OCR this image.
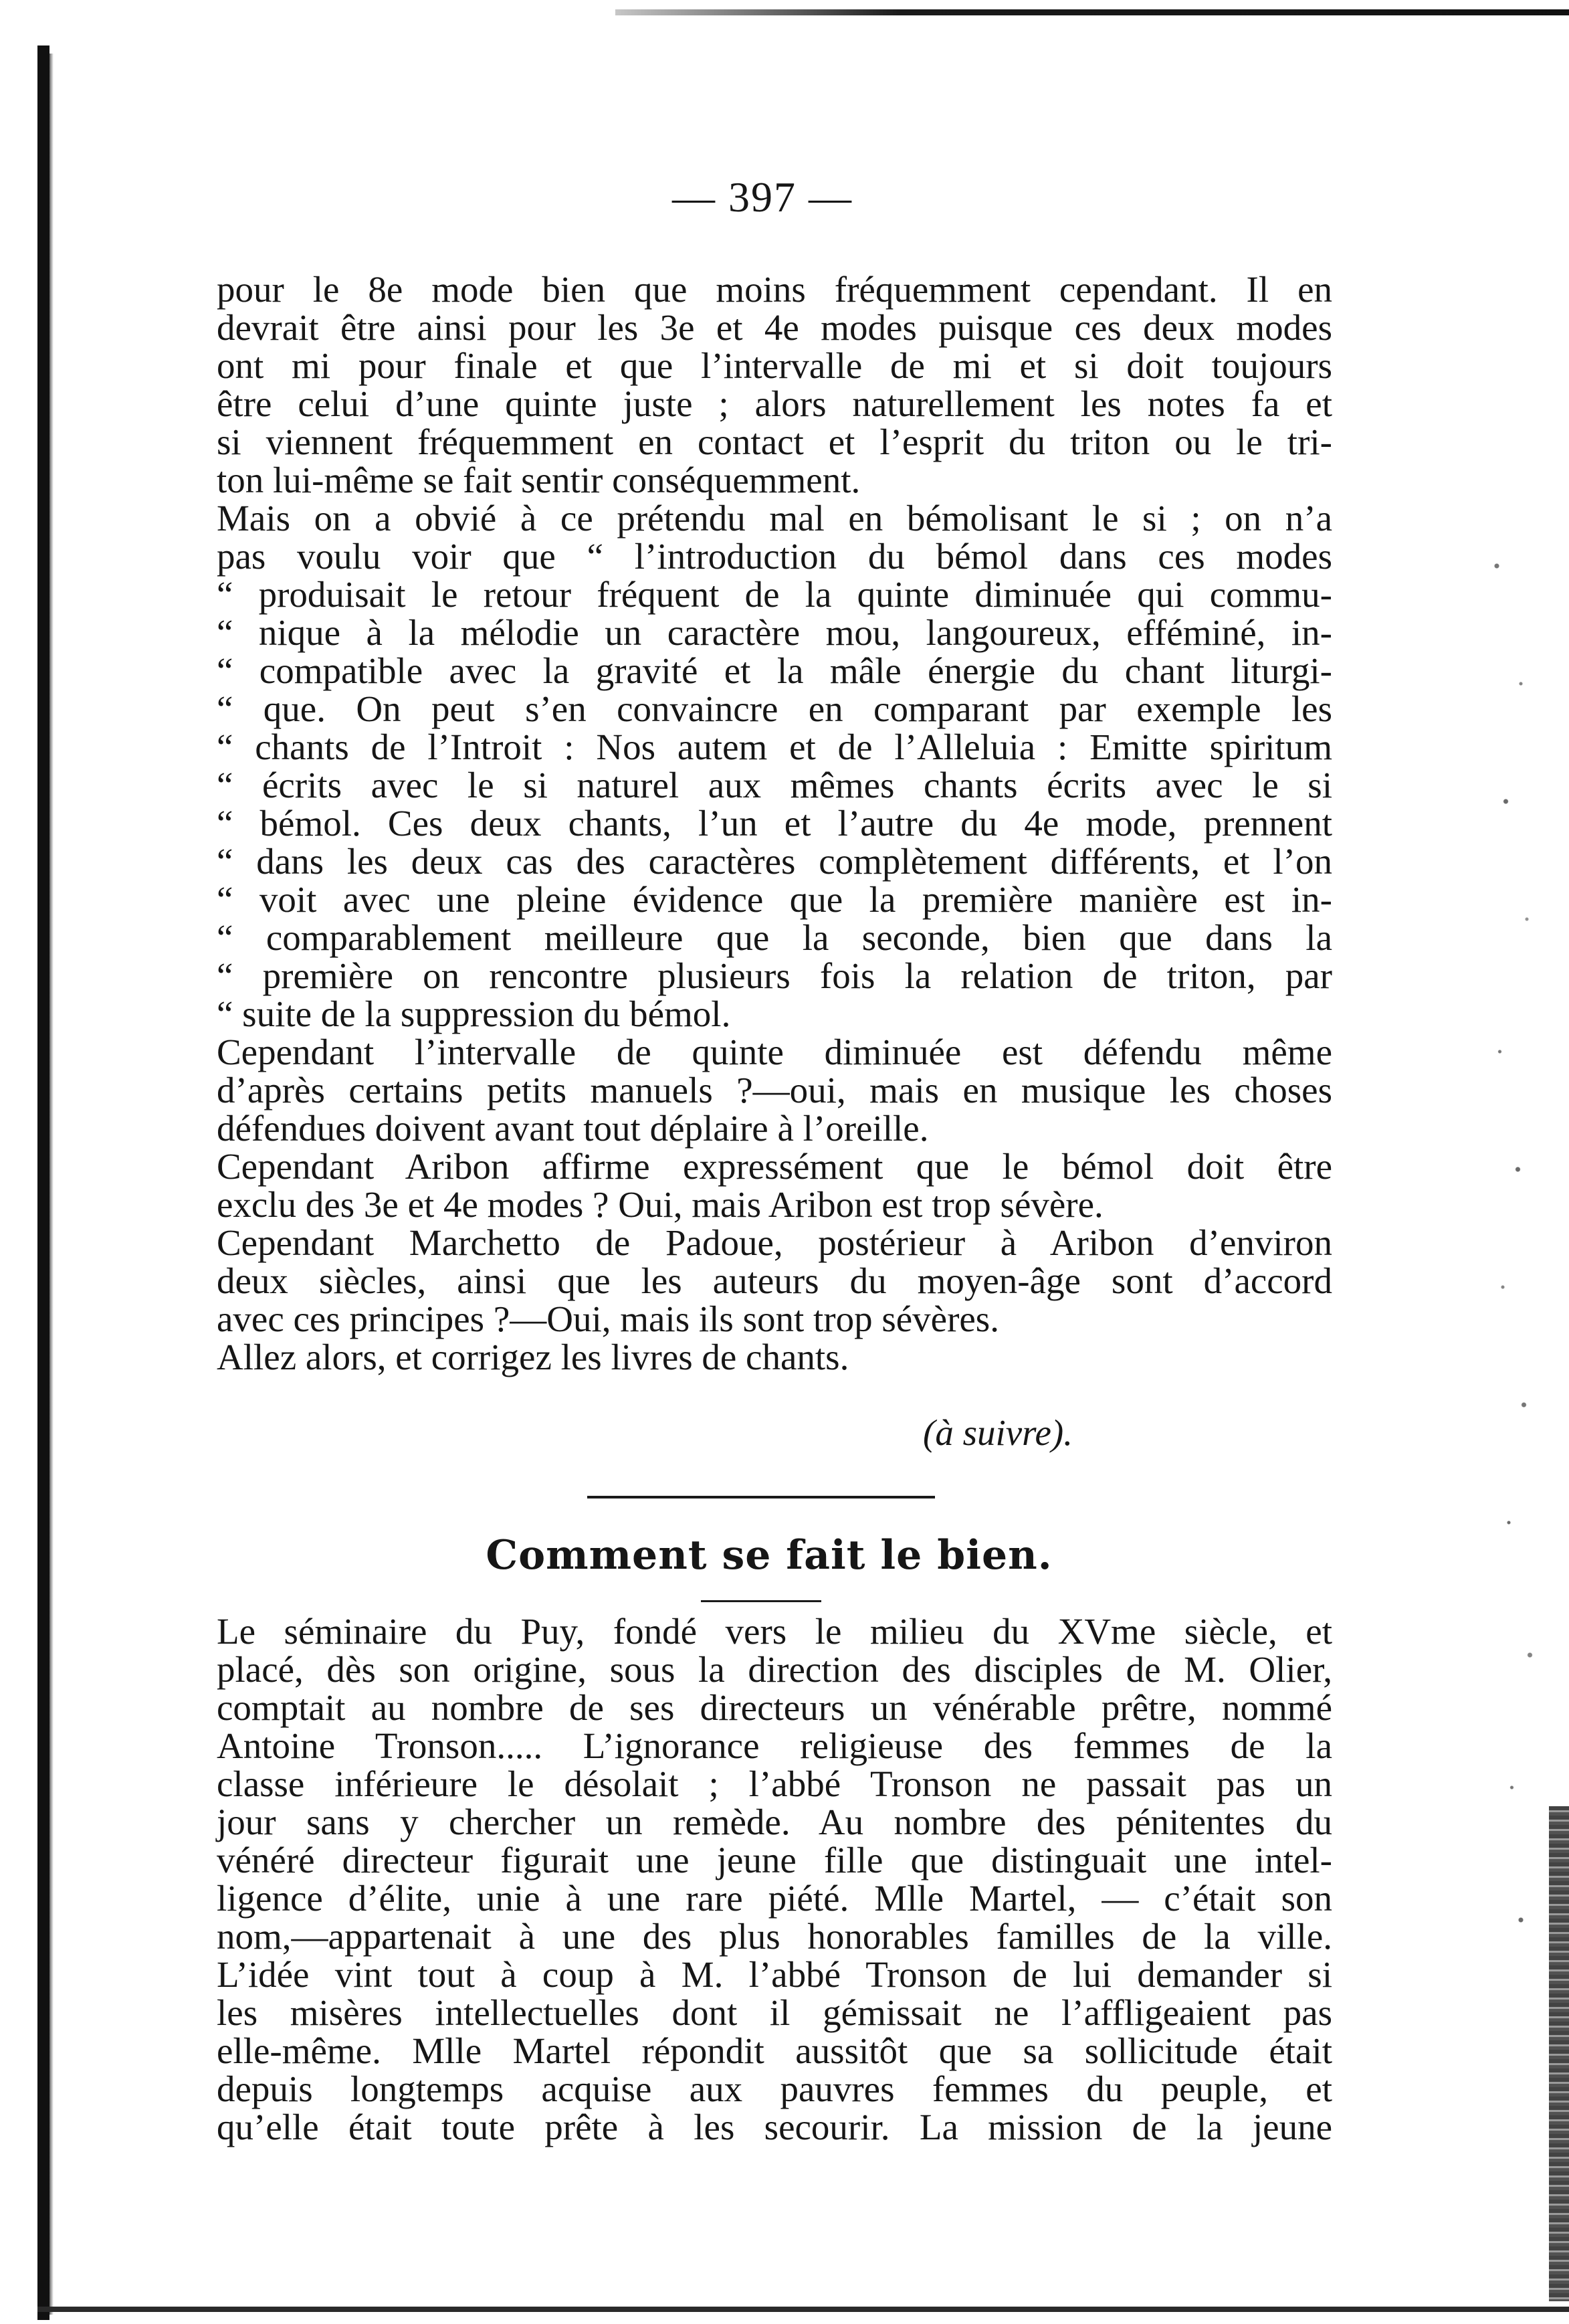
— 397 —
pour le 8e mode bien que moins fréquemment cependant. Il en
devrait être ainsi pour les 3e et 4e modes puisque ces deux modes
ont mi pour finale et que l’intervalle de mi et si doit toujours
être celui d’une quinte juste ; alors naturellement les notes fa et
si viennent fréquemment en contact et l’esprit du triton ou le tri-
ton lui-même se fait sentir conséquemment.
Mais on a obvié à ce prétendu mal en bémolisant le si ; on n’a
pas voulu voir que “ l’introduction du bémol dans ces modes
“ produisait le retour fréquent de la quinte diminuée qui commu-
“ nique à la mélodie un caractère mou, langoureux, efféminé, in-
“ compatible avec la gravité et la mâle énergie du chant liturgi-
“ que. On peut s’en convaincre en comparant par exemple les
“ chants de l’Introit : Nos autem et de l’Alleluia : Emitte spiritum
“ écrits avec le si naturel aux mêmes chants écrits avec le si
“ bémol. Ces deux chants, l’un et l’autre du 4e mode, prennent
“ dans les deux cas des caractères complètement différents, et l’on
“ voit avec une pleine évidence que la première manière est in-
“ comparablement meilleure que la seconde, bien que dans la
“ première on rencontre plusieurs fois la relation de triton, par
“ suite de la suppression du bémol.
Cependant l’intervalle de quinte diminuée est défendu même
d’après certains petits manuels ?—oui, mais en musique les choses
défendues doivent avant tout déplaire à l’oreille.
Cependant Aribon affirme expressément que le bémol doit être
exclu des 3e et 4e modes ? Oui, mais Aribon est trop sévère.
Cependant Marchetto de Padoue, postérieur à Aribon d’environ
deux siècles, ainsi que les auteurs du moyen-âge sont d’accord
avec ces principes ?—Oui, mais ils sont trop sévères.
Allez alors, et corrigez les livres de chants.
(à suivre).
Comment se fait le bien.
Le séminaire du Puy, fondé vers le milieu du XVme siècle, et
placé, dès son origine, sous la direction des disciples de M. Olier,
comptait au nombre de ses directeurs un vénérable prêtre, nommé
Antoine Tronson..... L’ignorance religieuse des femmes de la
classe inférieure le désolait ; l’abbé Tronson ne passait pas un
jour sans y chercher un remède. Au nombre des pénitentes du
vénéré directeur figurait une jeune fille que distinguait une intel-
ligence d’élite, unie à une rare piété. Mlle Martel, — c’était son
nom,—appartenait à une des plus honorables familles de la ville.
L’idée vint tout à coup à M. l’abbé Tronson de lui demander si
les misères intellectuelles dont il gémissait ne l’affligeaient pas
elle-même. Mlle Martel répondit aussitôt que sa sollicitude était
depuis longtemps acquise aux pauvres femmes du peuple, et
qu’elle était toute prête à les secourir. La mission de la jeune
